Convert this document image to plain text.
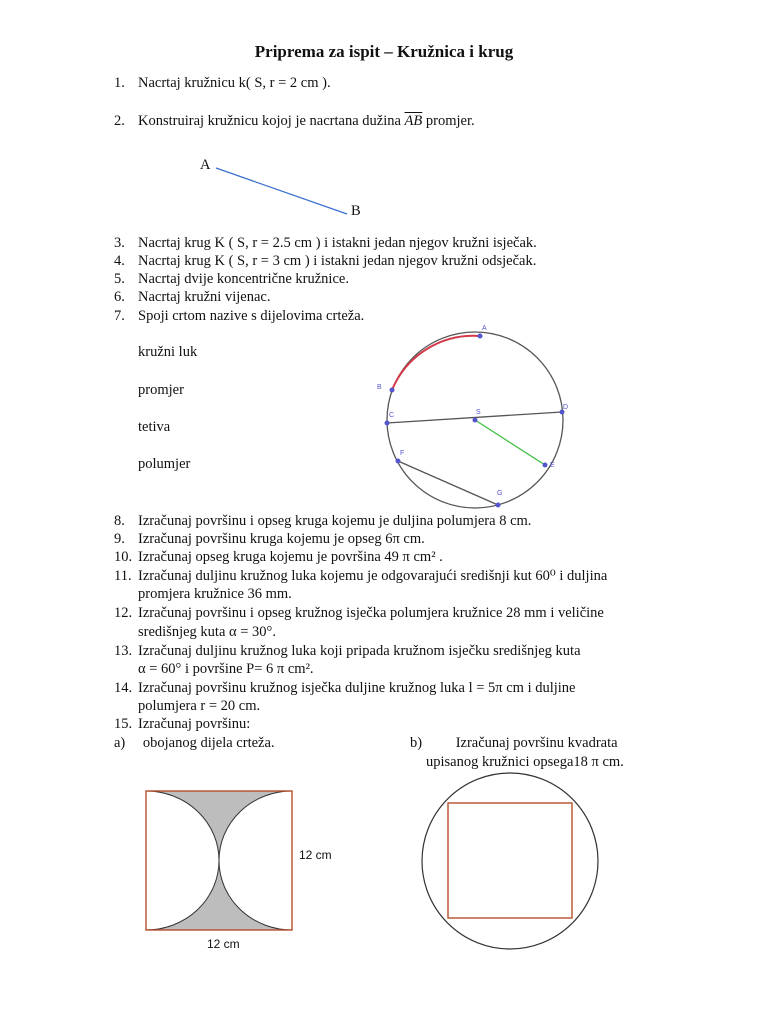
Priprema za ispit – Kružnica i krug
1. Nacrtaj kružnicu k( S, r = 2 cm ).
2. Konstruiraj kružnicu kojoj je nacrtana dužina $\overline{AB}$ promjer.
A
B
3. Nacrtaj krug K ( S, r = 2.5 cm ) i istakni jedan njegov kružni isječak.
4. Nacrtaj krug K ( S, r = 3 cm ) i istakni jedan njegov kružni odsječak.
5. Nacrtaj dvije koncentrične kružnice.
6. Nacrtaj kružni vijenac.
7. Spoji crtom nazive s dijelovima crteža.
kružni luk
promjer
tetiva
polumjer
A
B
C
D
E
F
G
S
8. Izračunaj površinu i opseg kruga kojemu je duljina polumjera 8 cm.
9. Izračunaj površinu kruga kojemu je opseg 6π cm.
10. Izračunaj opseg kruga kojemu je površina 49 π cm² .
11. Izračunaj duljinu kružnog luka kojemu je odgovarajući središnji kut 60⁰ i duljina
promjera kružnice 36 mm.
12. Izračunaj površinu i opseg kružnog isječka polumjera kružnice 28 mm i veličine
središnjeg kuta α = 30°.
13. Izračunaj duljinu kružnog luka koji pripada kružnom isječku središnjeg kuta
α = 60° i površine P= 6 π cm².
14. Izračunaj površinu kružnog isječka duljine kružnog luka l = 5π cm i duljine
polumjera r = 20 cm.
15. Izračunaj površinu:
a) obojanog dijela crteža.	b) Izračunaj površinu kvadrata
upisanog kružnici opsega18 π cm.
12 cm
12 cm
